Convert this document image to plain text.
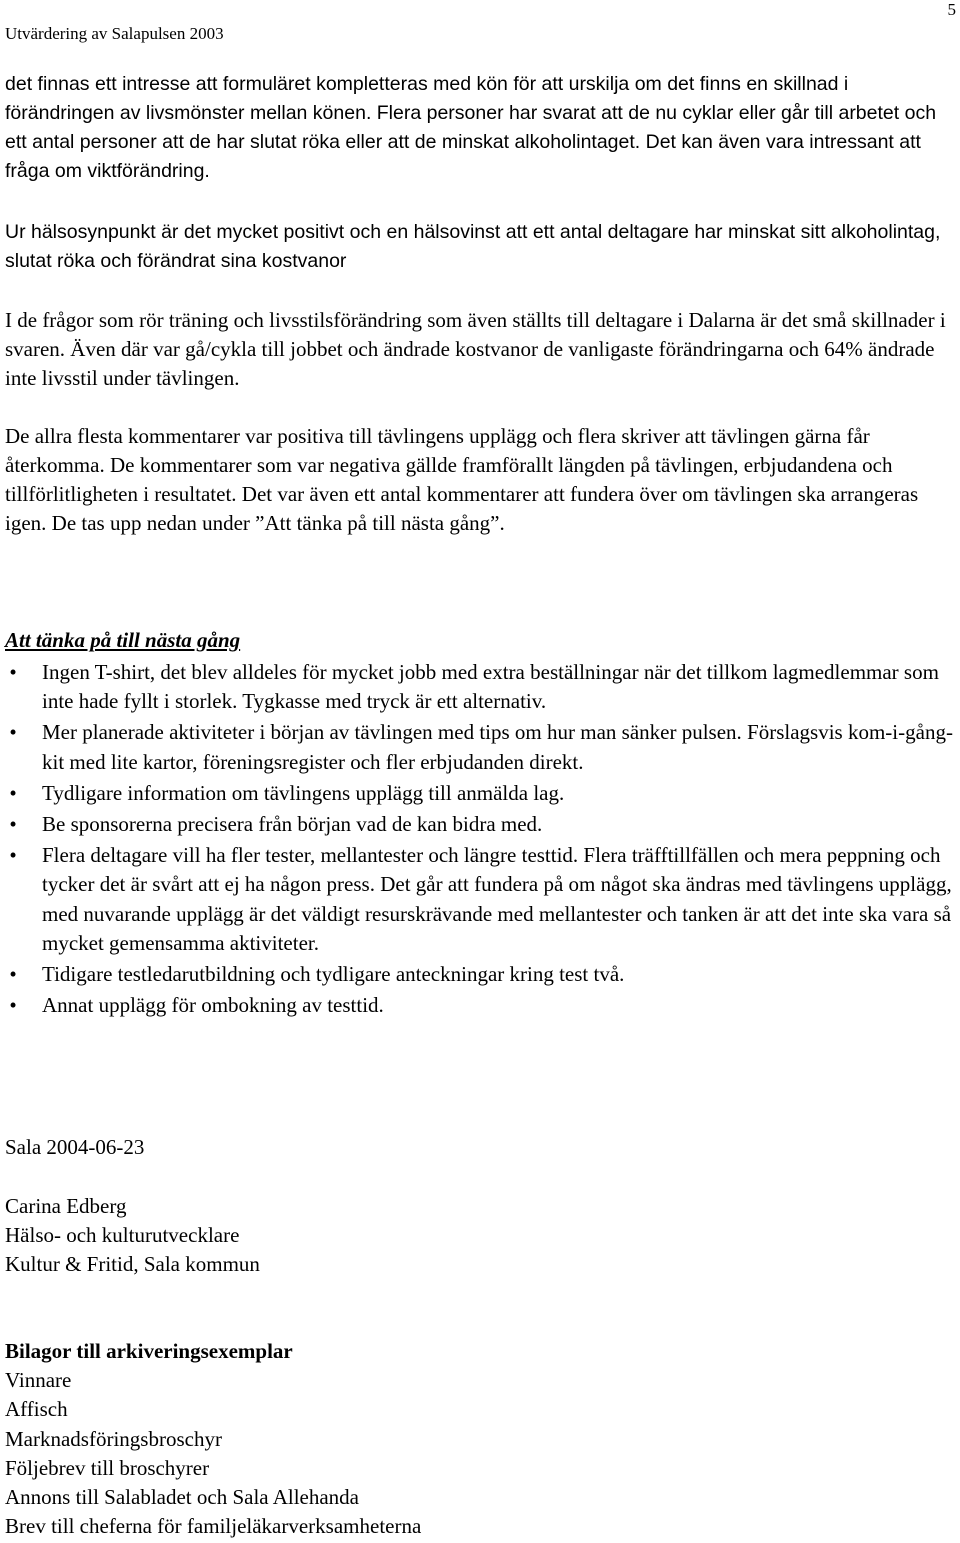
Utvärdering av Salapulsen 2003
5

det finnas ett intresse att formuläret kompletteras med kön för att urskilja om det finns en skillnad i förändringen av livsmönster mellan könen. Flera personer har svarat att de nu cyklar eller går till arbetet och ett antal personer att de har slutat röka eller att de minskat alkoholintaget. Det kan även vara intressant att fråga om viktförändring.

Ur hälsosynpunkt är det mycket positivt och en hälsovinst att ett antal deltagare har minskat sitt alkoholintag, slutat röka och förändrat sina kostvanor

I de frågor som rör träning och livsstilsförändring som även ställts till deltagare i Dalarna är det små skillnader i svaren. Även där var gå/cykla till jobbet och ändrade kostvanor de vanligaste förändringarna och 64% ändrade inte livsstil under tävlingen.

De allra flesta kommentarer var positiva till tävlingens upplägg och flera skriver att tävlingen gärna får återkomma. De kommentarer som var negativa gällde framförallt längden på tävlingen, erbjudandena och tillförlitligheten i resultatet. Det var även ett antal kommentarer att fundera över om tävlingen ska arrangeras igen. De tas upp nedan under ”Att tänka på till nästa gång”.

Att tänka på till nästa gång
• Ingen T-shirt, det blev alldeles för mycket jobb med extra beställningar när det tillkom lagmedlemmar som inte hade fyllt i storlek. Tygkasse med tryck är ett alternativ.
• Mer planerade aktiviteter i början av tävlingen med tips om hur man sänker pulsen. Förslagsvis kom-i-gång-kit med lite kartor, föreningsregister och fler erbjudanden direkt.
• Tydligare information om tävlingens upplägg till anmälda lag.
• Be sponsorerna precisera från början vad de kan bidra med.
• Flera deltagare vill ha fler tester, mellantester och längre testtid. Flera träfftillfällen och mera peppning och tycker det är svårt att ej ha någon press. Det går att fundera på om något ska ändras med tävlingens upplägg, med nuvarande upplägg är det väldigt resurskrävande med mellantester och tanken är att det inte ska vara så mycket gemensamma aktiviteter.
• Tidigare testledarutbildning och tydligare anteckningar kring test två.
• Annat upplägg för ombokning av testtid.
Sala 2004-06-23
Carina Edberg
Hälso- och kulturutvecklare
Kultur & Fritid, Sala kommun
Bilagor till arkiveringsexemplar
Vinnare
Affisch
Marknadsföringsbroschyr
Följebrev till broschyrer
Annons till Salabladet och Sala Allehanda
Brev till cheferna för familjeläkarverksamheterna
